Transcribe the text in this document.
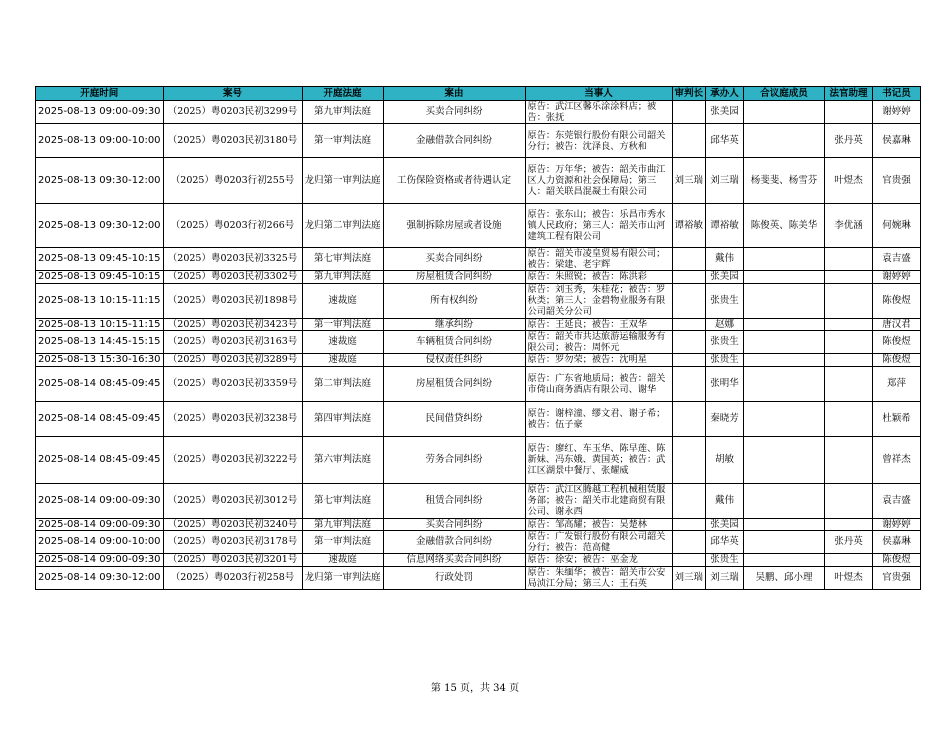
开庭时间	案号	开庭法庭	案由	当事人	审判长	承办人	合议庭成员	法官助理	书记员
2025-08-13 09:00-09:30	（2025）粤0203民初3299号	第九审判法庭	买卖合同纠纷	原告：武江区馨乐涂涂料店；被告：张抚		张美园			谢婷婷
2025-08-13 09:00-10:00	（2025）粤0203民初3180号	第一审判法庭	金融借款合同纠纷	原告：东莞银行股份有限公司韶关分行；被告：沈泽良、方秋和		邱华英		张丹英	侯嘉琳
2025-08-13 09:30-12:00	（2025）粤0203行初255号	龙归第一审判法庭	工伤保险资格或者待遇认定	原告：万年华；被告：韶关市曲江区人力资源和社会保障局；第三人：韶关联昌混凝土有限公司	刘三瑞	刘三瑞	杨斐斐、杨雪芬	叶煜杰	官贵强
2025-08-13 09:30-12:00	（2025）粤0203行初266号	龙归第二审判法庭	强制拆除房屋或者设施	原告：张东山；被告：乐昌市秀水镇人民政府；第三人：韶关市山河建筑工程有限公司	谭裕敏	谭裕敏	陈俊英、陈美华	李优涵	何婉琳
2025-08-13 09:45-10:15	（2025）粤0203民初3325号	第七审判法庭	买卖合同纠纷	原告：韶关市凌皇贸易有限公司；被告：梁建、老宇辉		戴伟			袁吉盛
2025-08-13 09:45-10:15	（2025）粤0203民初3302号	第九审判法庭	房屋租赁合同纠纷	原告：朱照锐；被告：陈洪彩		张美园			谢婷婷
2025-08-13 10:15-11:15	（2025）粤0203民初1898号	速裁庭	所有权纠纷	原告：刘玉秀，朱桂花；被告：罗秋类；第三人：金碧物业服务有限公司韶关分公司		张贵生			陈俊煜
2025-08-13 10:15-11:15	（2025）粤0203民初3423号	第一审判法庭	继承纠纷	原告：王延良；被告：王双华		赵娜			唐汉君
2025-08-13 14:45-15:15	（2025）粤0203民初3163号	速裁庭	车辆租赁合同纠纷	原告：韶关市共达旅游运输服务有限公司；被告：周怀元		张贵生			陈俊煜
2025-08-13 15:30-16:30	（2025）粤0203民初3289号	速裁庭	侵权责任纠纷	原告：罗勿荣；被告：沈明星		张贵生			陈俊煜
2025-08-14 08:45-09:45	（2025）粤0203民初3359号	第二审判法庭	房屋租赁合同纠纷	原告：广东省地质局；被告：韶关市倚山商务酒店有限公司、谢华		张明华			郑萍
2025-08-14 08:45-09:45	（2025）粤0203民初3238号	第四审判法庭	民间借贷纠纷	原告：谢梓潼、缪文君、谢子希；被告：伍子豪		秦晓芳			杜颖希
2025-08-14 08:45-09:45	（2025）粤0203民初3222号	第六审判法庭	劳务合同纠纷	原告：廖红、车玉华、陈早莲、陈新妹、冯东娥、黄国英；被告：武江区湖景中餐厅、张耀威		胡敏			曾祥杰
2025-08-14 09:00-09:30	（2025）粤0203民初3012号	第七审判法庭	租赁合同纠纷	原告：武江区腾越工程机械租赁服务部；被告：韶关市北建商贸有限公司、谢永西		戴伟			袁吉盛
2025-08-14 09:00-09:30	（2025）粤0203民初3240号	第九审判法庭	买卖合同纠纷	原告：邹高耀；被告：吴楚林		张美园			谢婷婷
2025-08-14 09:00-10:00	（2025）粤0203民初3178号	第一审判法庭	金融借款合同纠纷	原告：广发银行股份有限公司韶关分行；被告：范高健		邱华英		张丹英	侯嘉琳
2025-08-14 09:00-09:30	（2025）粤0203民初3201号	速裁庭	信息网络买卖合同纠纷	原告：徐安；被告：巫金龙		张贵生			陈俊煜
2025-08-14 09:30-12:00	（2025）粤0203行初258号	龙归第一审判法庭	行政处罚	原告：朱缅华；被告：韶关市公安局浈江分局；第三人：王石英	刘三瑞	刘三瑞	吴鹏、邱小理	叶煜杰	官贵强
第 15 页，共 34 页
